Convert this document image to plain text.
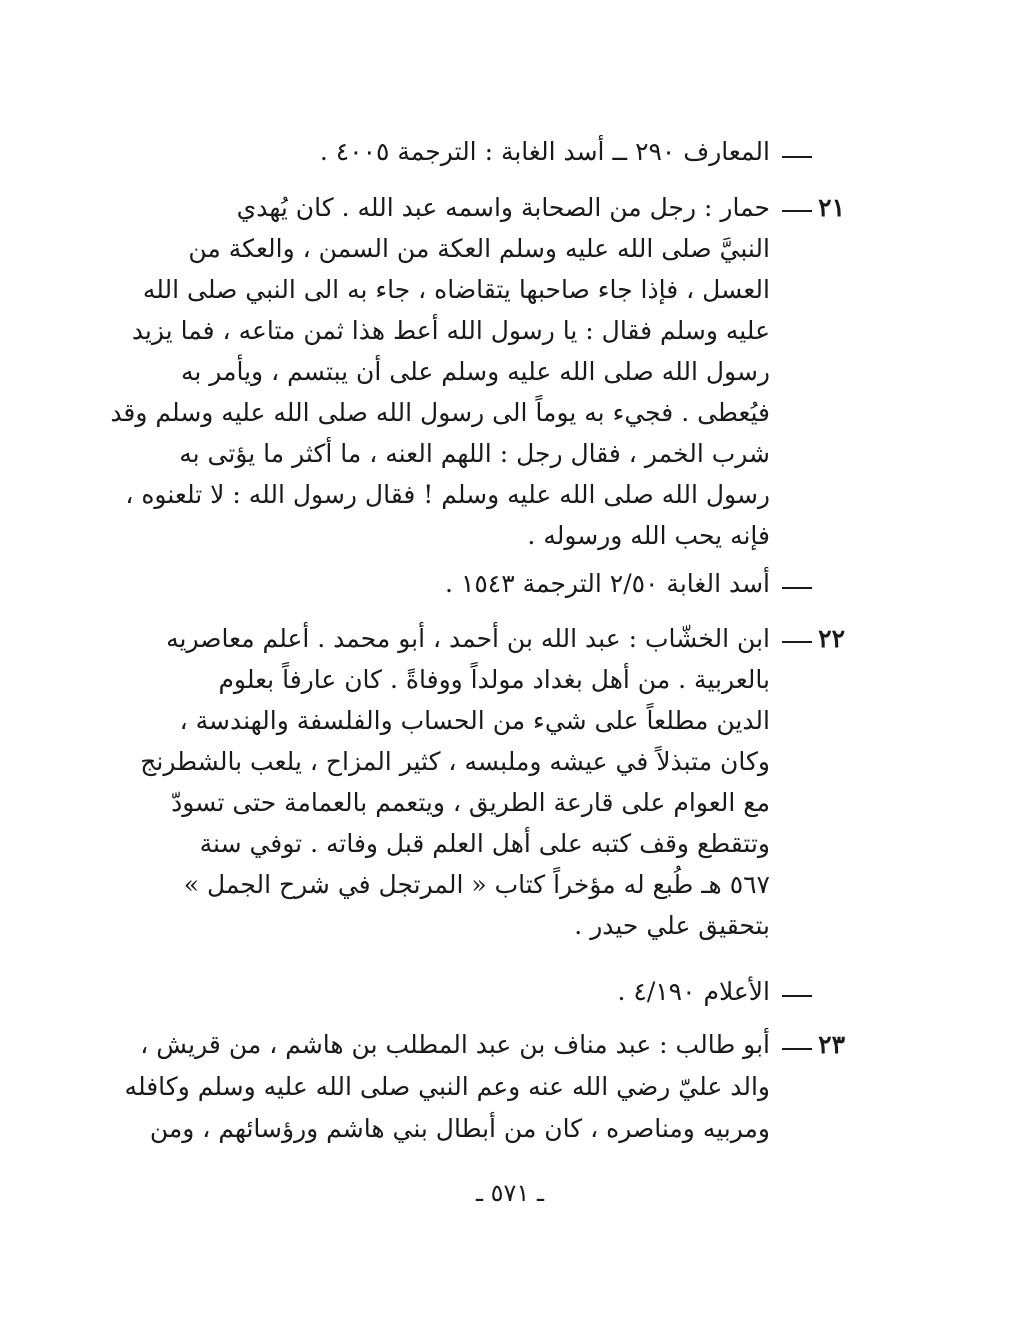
المعارف ٢٩٠ ــ أسد الغابة : الترجمة ٤٠٠٥ .
٢١
حمار : رجل من الصحابة واسمه عبد الله . كان يُهدي
النبيَّ صلى الله عليه وسلم العكة من السمن ، والعكة من
العسل ، فإذا جاء صاحبها يتقاضاه ، جاء به الى النبي صلى الله
عليه وسلم فقال : يا رسول الله أعط هذا ثمن متاعه ، فما يزيد
رسول الله صلى الله عليه وسلم على أن يبتسم ، ويأمر به
فيُعطى . فجيء به يوماً الى رسول الله صلى الله عليه وسلم وقد
شرب الخمر ، فقال رجل : اللهم العنه ، ما أكثر ما يؤتى به
رسول الله صلى الله عليه وسلم ! فقال رسول الله : لا تلعنوه ،
فإنه يحب الله ورسوله .
أسد الغابة ٢/٥٠ الترجمة ١٥٤٣ .
٢٢
ابن الخشّاب : عبد الله بن أحمد ، أبو محمد . أعلم معاصريه
بالعربية . من أهل بغداد مولداً ووفاةً . كان عارفاً بعلوم
الدين مطلعاً على شيء من الحساب والفلسفة والهندسة ،
وكان متبذلاً في عيشه وملبسه ، كثير المزاح ، يلعب بالشطرنج
مع العوام على قارعة الطريق ، ويتعمم بالعمامة حتى تسودّ
وتتقطع وقف كتبه على أهل العلم قبل وفاته . توفي سنة
٥٦٧ هـ طُبع له مؤخراً كتاب « المرتجل في شرح الجمل »
بتحقيق علي حيدر .
الأعلام ٤/١٩٠ .
٢٣
أبو طالب : عبد مناف بن عبد المطلب بن هاشم ، من قريش ،
والد عليّ رضي الله عنه وعم النبي صلى الله عليه وسلم وكافله
ومربيه ومناصره ، كان من أبطال بني هاشم ورؤسائهم ، ومن
ـ ٥٧١ ـ
